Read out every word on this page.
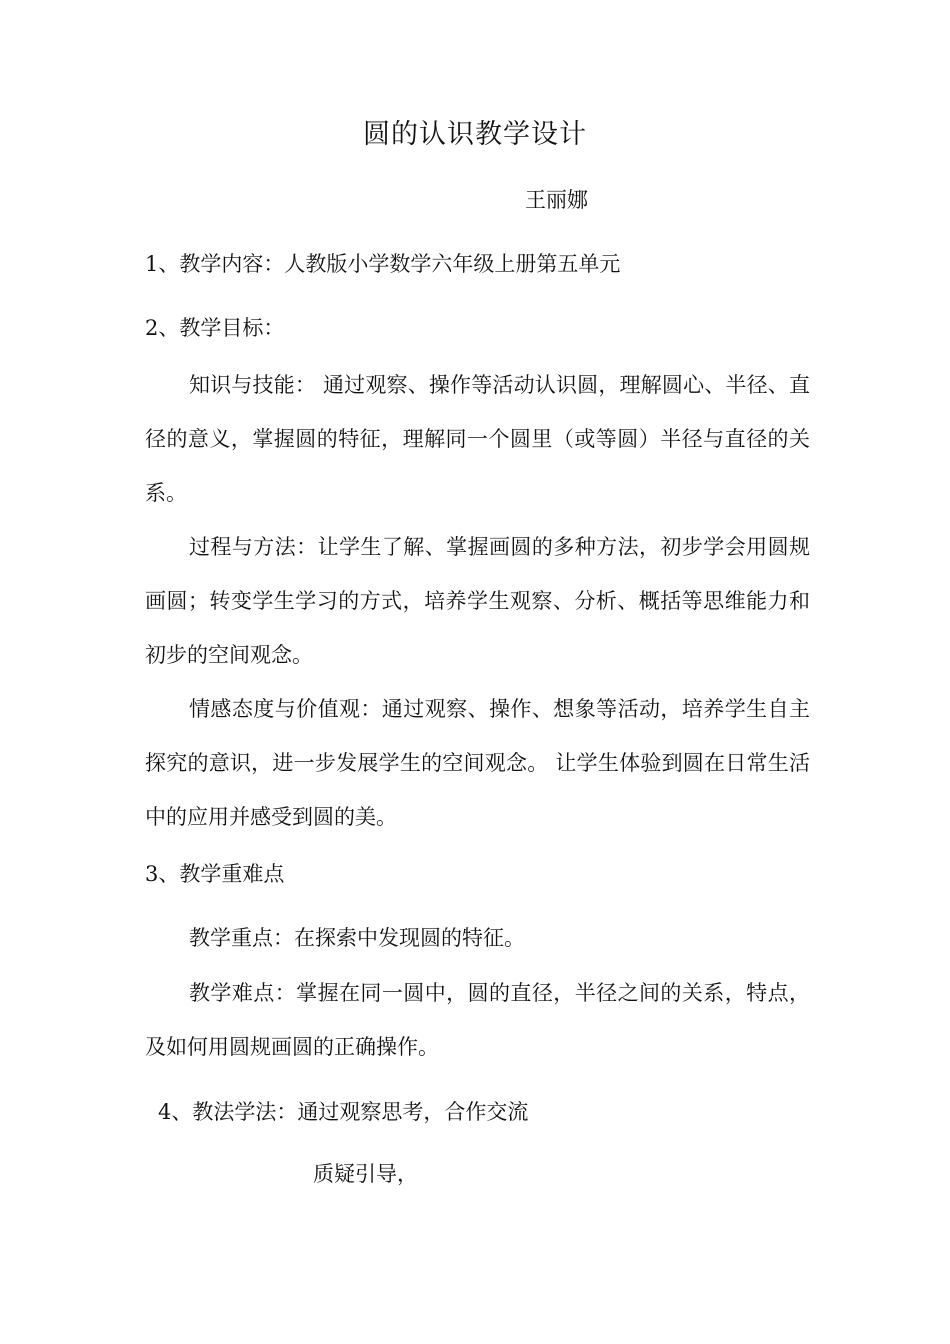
圆的认识教学设计
王丽娜
1、教学内容：人教版小学数学六年级上册第五单元
2、教学目标：
知识与技能： 通过观察、操作等活动认识圆，理解圆心、半径、直径的意义，掌握圆的特征，理解同一个圆里（或等圆）半径与直径的关系。
过程与方法：让学生了解、掌握画圆的多种方法，初步学会用圆规画圆；转变学生学习的方式，培养学生观察、分析、概括等思维能力和初步的空间观念。
情感态度与价值观：通过观察、操作、想象等活动，培养学生自主探究的意识，进一步发展学生的空间观念。 让学生体验到圆在日常生活中的应用并感受到圆的美。
3、教学重难点
教学重点：在探索中发现圆的特征。
教学难点：掌握在同一圆中，圆的直径，半径之间的关系，特点，及如何用圆规画圆的正确操作。
4、教法学法：通过观察思考，合作交流
质疑引导，
